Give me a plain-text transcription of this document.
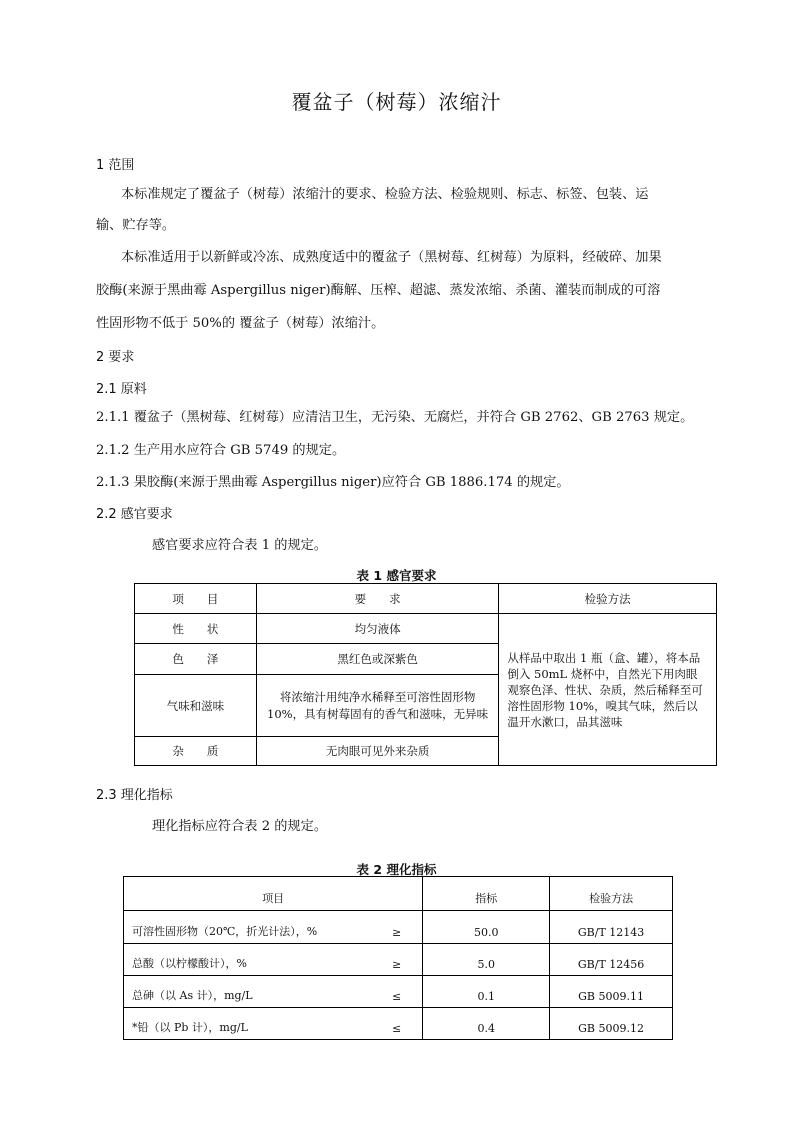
覆盆子（树莓）浓缩汁
1 范围
本标准规定了覆盆子（树莓）浓缩汁的要求、检验方法、检验规则、标志、标签、包装、运
输、贮存等。
本标准适用于以新鲜或冷冻、成熟度适中的覆盆子（黑树莓、红树莓）为原料，经破碎、加果
胶酶(来源于黑曲霉 Aspergillus niger)酶解、压榨、超滤、蒸发浓缩、杀菌、灌装而制成的可溶
性固形物不低于 50%的 覆盆子（树莓）浓缩汁。
2 要求
2.1 原料
2.1.1 覆盆子（黑树莓、红树莓）应清洁卫生，无污染、无腐烂，并符合 GB 2762、GB 2763 规定。
2.1.2 生产用水应符合 GB 5749 的规定。
2.1.3 果胶酶(来源于黑曲霉 Aspergillus niger)应符合 GB 1886.174 的规定。
2.2 感官要求
感官要求应符合表 1 的规定。
表 1 感官要求
项　　目	要　　求	检验方法
性　　状	均匀液体	从样品中取出 1 瓶（盒、罐），将本品倒入 50mL 烧杯中，自然光下用肉眼观察色泽、性状、杂质，然后稀释至可溶性固形物 10%，嗅其气味，然后以温开水漱口，品其滋味
色　　泽	黑红色或深紫色	
气味和滋味	将浓缩汁用纯净水稀释至可溶性固形物10%，具有树莓固有的香气和滋味，无异味	
杂　　质	无肉眼可见外来杂质	
2.3 理化指标
理化指标应符合表 2 的规定。
表 2 理化指标
项目	指标	检验方法

可溶性固形物（20℃，折光计法），% ≥	50.0	GB/T 12143

总酸（以柠檬酸计），% ≥	5.0	GB/T 12456

总砷（以 As 计），mg/L ≤	0.1	GB 5009.11

*铅（以 Pb 计），mg/L ≤	0.4	GB 5009.12
